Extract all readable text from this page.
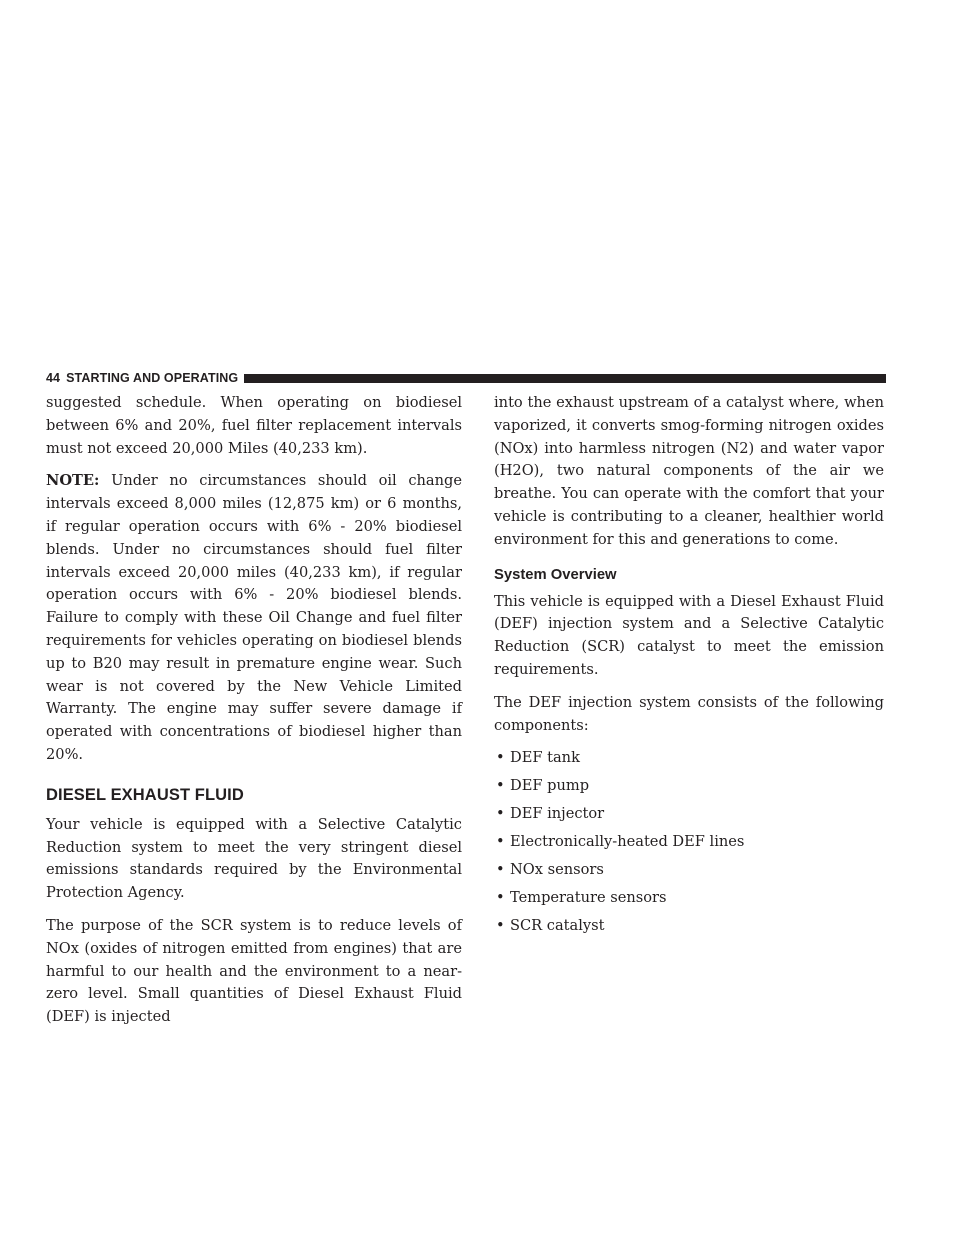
44 STARTING AND OPERATING

suggested schedule. When operating on biodiesel between 6% and 20%, fuel filter replacement intervals must not exceed 20,000 Miles (40,233 km).

NOTE: Under no circumstances should oil change intervals exceed 8,000 miles (12,875 km) or 6 months, if regular operation occurs with 6% - 20% biodiesel blends. Under no circumstances should fuel filter intervals exceed 20,000 miles (40,233 km), if regular operation occurs with 6% - 20% biodiesel blends. Failure to comply with these Oil Change and fuel filter requirements for vehicles operating on biodiesel blends up to B20 may result in premature engine wear. Such wear is not covered by the New Vehicle Limited Warranty. The engine may suffer severe damage if operated with concentrations of biodiesel higher than 20%.

DIESEL EXHAUST FLUID

Your vehicle is equipped with a Selective Catalytic Reduction system to meet the very stringent diesel emissions standards required by the Environmental Protection Agency.

The purpose of the SCR system is to reduce levels of NOx (oxides of nitrogen emitted from engines) that are harmful to our health and the environment to a near-zero level. Small quantities of Diesel Exhaust Fluid (DEF) is injected

into the exhaust upstream of a catalyst where, when vaporized, it converts smog-forming nitrogen oxides (NOx) into harmless nitrogen (N2) and water vapor (H2O), two natural components of the air we breathe. You can operate with the comfort that your vehicle is contributing to a cleaner, healthier world environment for this and generations to come.

System Overview

This vehicle is equipped with a Diesel Exhaust Fluid (DEF) injection system and a Selective Catalytic Reduction (SCR) catalyst to meet the emission requirements.

The DEF injection system consists of the following components:

• DEF tank
• DEF pump
• DEF injector
• Electronically-heated DEF lines
• NOx sensors
• Temperature sensors
• SCR catalyst
